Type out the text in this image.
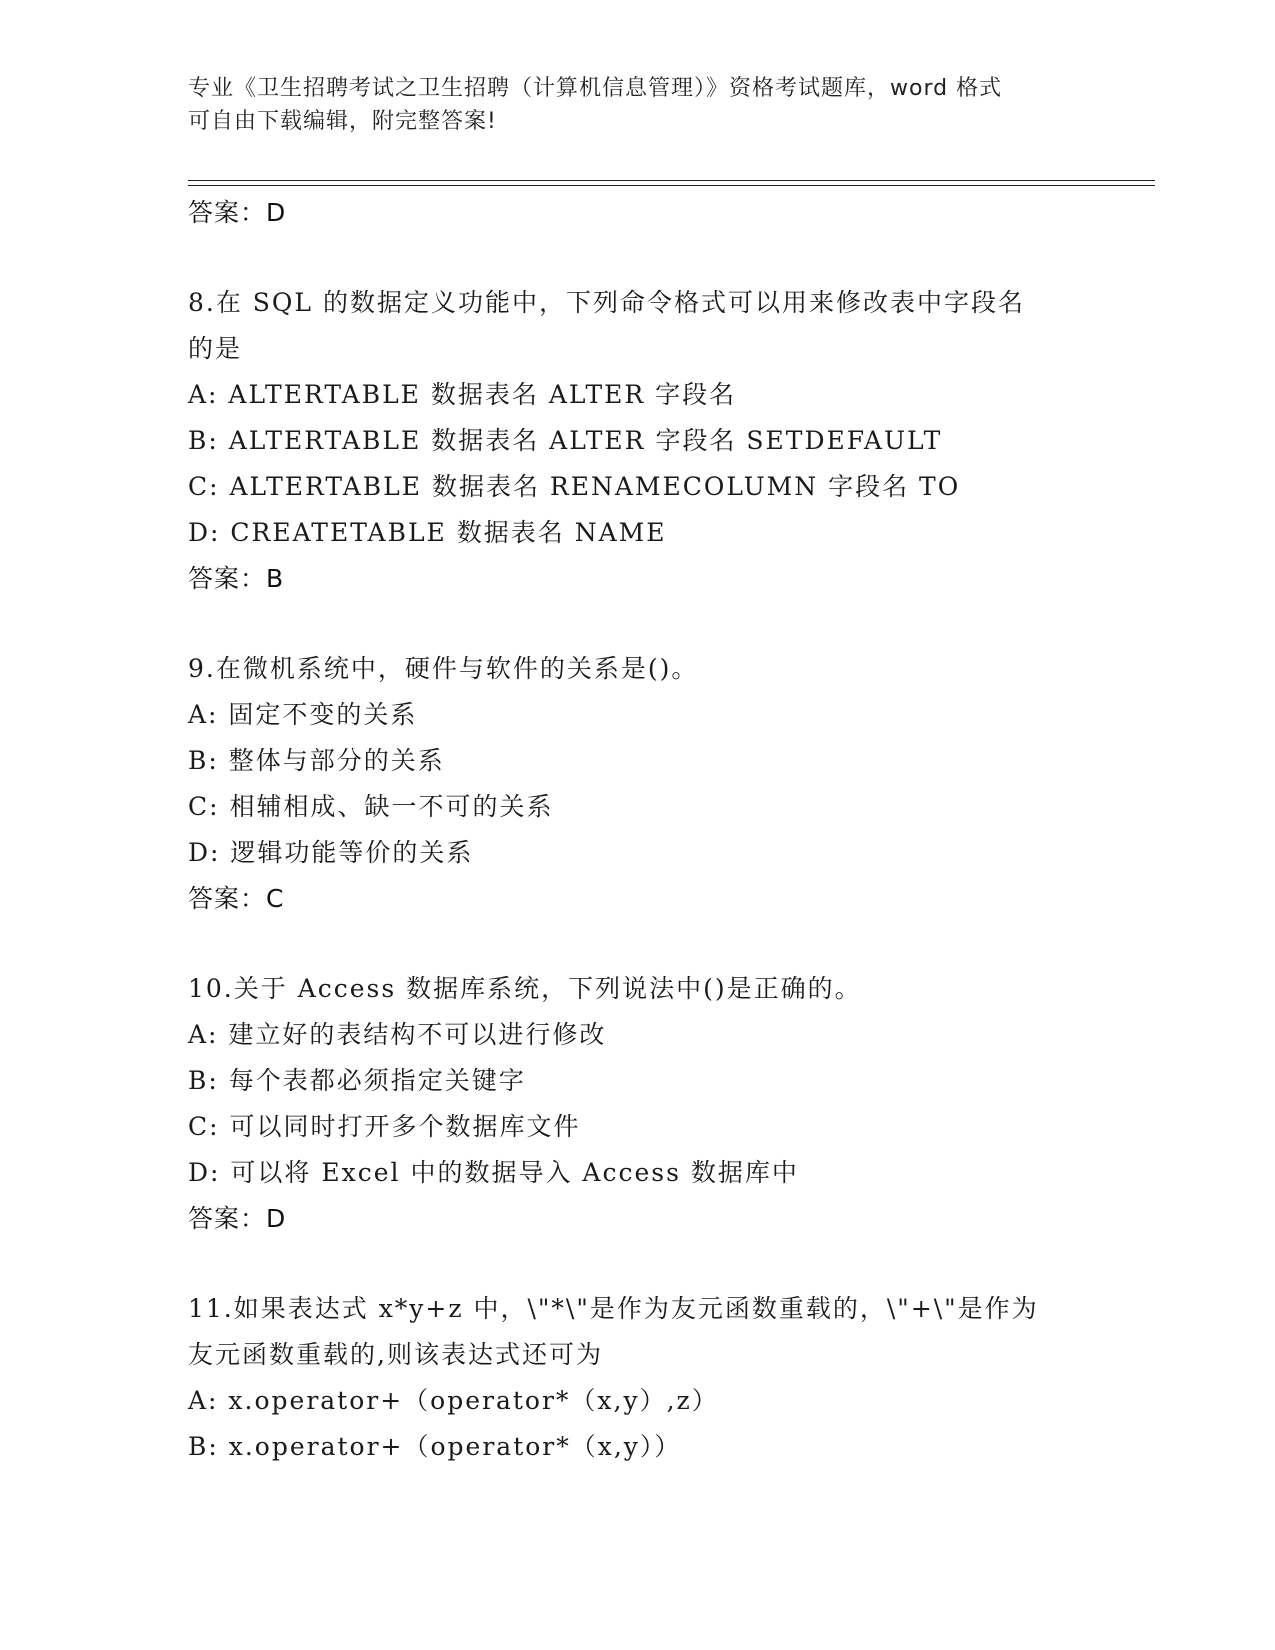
专业《卫生招聘考试之卫生招聘（计算机信息管理）》资格考试题库，word 格式
可自由下载编辑，附完整答案!
答案：D
8.在 SQL 的数据定义功能中，下列命令格式可以用来修改表中字段名
的是
A: ALTERTABLE 数据表名 ALTER 字段名
B: ALTERTABLE 数据表名 ALTER 字段名 SETDEFAULT
C: ALTERTABLE 数据表名 RENAMECOLUMN 字段名 TO
D: CREATETABLE 数据表名 NAME
答案：B
9.在微机系统中，硬件与软件的关系是()。
A: 固定不变的关系
B: 整体与部分的关系
C: 相辅相成、缺一不可的关系
D: 逻辑功能等价的关系
答案：C
10.关于 Access 数据库系统，下列说法中()是正确的。
A: 建立好的表结构不可以进行修改
B: 每个表都必须指定关键字
C: 可以同时打开多个数据库文件
D: 可以将 Excel 中的数据导入 Access 数据库中
答案：D
11.如果表达式 x*y+z 中，\"*\"是作为友元函数重载的，\"+\"是作为
友元函数重载的,则该表达式还可为
A: x.operator+（operator*（x,y）,z）
B: x.operator+（operator*（x,y））
